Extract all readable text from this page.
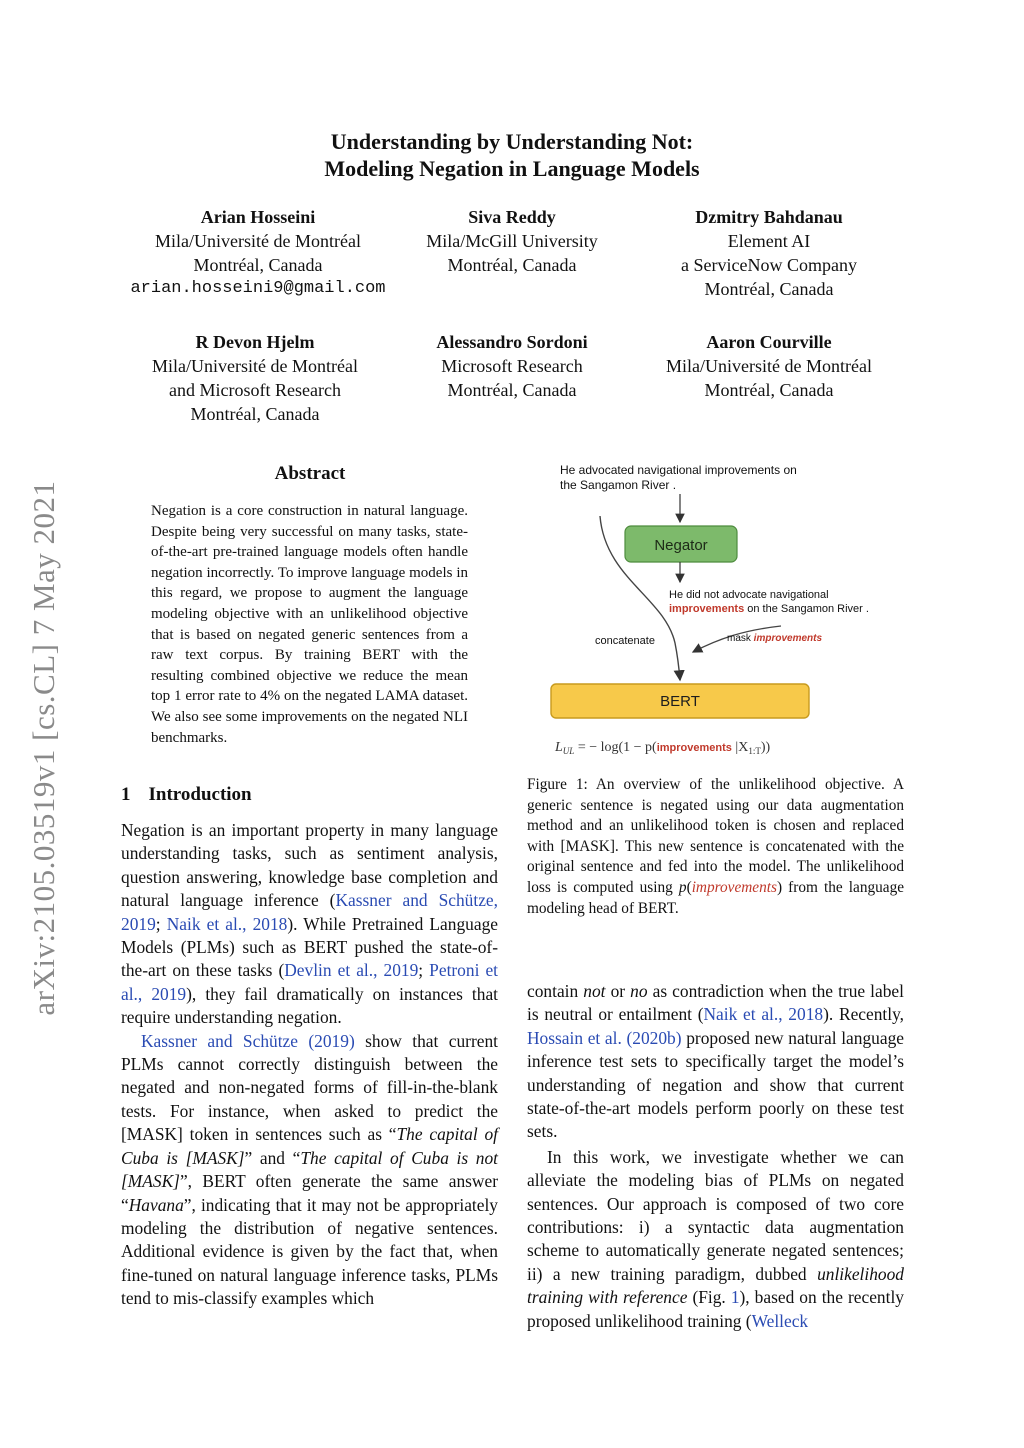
arXiv:2105.03519v1 [cs.CL] 7 May 2021
Understanding by Understanding Not:
Modeling Negation in Language Models
Arian Hosseini
Mila/Université de Montréal
Montréal, Canada
arian.hosseini9@gmail.com
Siva Reddy
Mila/McGill University
Montréal, Canada
Dzmitry Bahdanau
Element AI
a ServiceNow Company
Montréal, Canada
R Devon Hjelm
Mila/Université de Montréal
and Microsoft Research
Montréal, Canada
Alessandro Sordoni
Microsoft Research
Montréal, Canada
Aaron Courville
Mila/Université de Montréal
Montréal, Canada
Abstract
Negation is a core construction in natural language. Despite being very successful on many tasks, state-of-the-art pre-trained language models often handle negation incorrectly. To improve language models in this regard, we propose to augment the language modeling objective with an unlikelihood objective that is based on negated generic sentences from a raw text corpus. By training BERT with the resulting combined objective we reduce the mean top 1 error rate to 4% on the negated LAMA dataset. We also see some improvements on the negated NLI benchmarks.
1 Introduction

Negation is an important property in many language understanding tasks, such as sentiment analysis, question answering, knowledge base completion and natural language inference (Kassner and Schütze, 2019; Naik et al., 2018). While Pretrained Language Models (PLMs) such as BERT pushed the state-of-the-art on these tasks (Devlin et al., 2019; Petroni et al., 2019), they fail dramatically on instances that require understanding negation.

Kassner and Schütze (2019) show that current PLMs cannot correctly distinguish between the negated and non-negated forms of fill-in-the-blank tests. For instance, when asked to predict the [MASK] token in sentences such as “The capital of Cuba is [MASK]” and “The capital of Cuba is not [MASK]”, BERT often generate the same answer “Havana”, indicating that it may not be appropriately modeling the distribution of negative sentences. Additional evidence is given by the fact that, when fine-tuned on natural language inference tasks, PLMs tend to mis-classify examples which

He advocated navigational improvements on
the Sangamon River .
Negator
He did not advocate navigational
improvements on the Sangamon River .
concatenate	mask improvements
BERT
$L_{UL}$ = − log(1 − p(improvements $|X_{1:T}$))
Figure 1: An overview of the unlikelihood objective. A generic sentence is negated using our data augmentation method and an unlikelihood token is chosen and replaced with [MASK]. This new sentence is concatenated with the original sentence and fed into the model. The unlikelihood loss is computed using p(improvements) from the language modeling head of BERT.

contain not or no as contradiction when the true label is neutral or entailment (Naik et al., 2018). Recently, Hossain et al. (2020b) proposed new natural language inference test sets to specifically target the model’s understanding of negation and show that current state-of-the-art models perform poorly on these test sets.

In this work, we investigate whether we can alleviate the modeling bias of PLMs on negated sentences. Our approach is composed of two core contributions: i) a syntactic data augmentation scheme to automatically generate negated sentences; ii) a new training paradigm, dubbed unlikelihood training with reference (Fig. 1), based on the recently proposed unlikelihood training (Welleck
